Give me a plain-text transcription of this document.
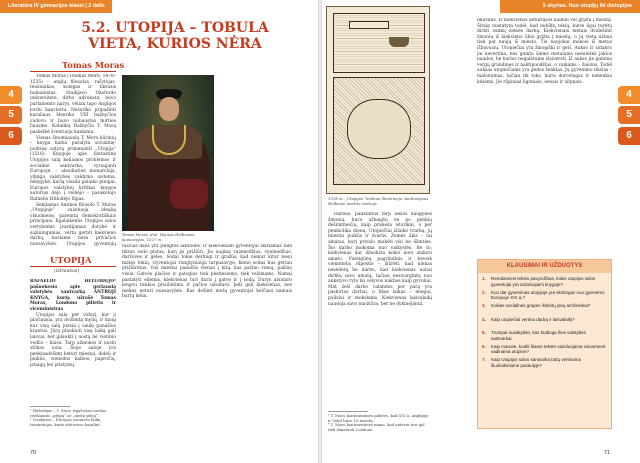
Literatūra IV gimnazijos klasei | 2 dalis
4
5
6
5.2. UTOPIJA – TOBULA VIETA, KURIOS NĖRA
Tomas Moras

Tomas Moras (Thomas More, 1478–1535) – anglų filosofas, rašytojas, teisininkas, kolegas ir tikrasis humanistas. Studijavo Oksfordo universitete, dirbo advokatu, buvo parlamento narys, vėliau tapo Anglijos lordu kancleriu. Nesutiko pripažinti karaliaus Henriko VIII bažnyčios vadovu ir buvo nubaustas mirties bausme. Katalikų Bažnyčia T. Morą paskelbė šventuoju kankiniu.

Vienas žinomiausių T. Moro kūrinių – knyga kalba paralyta socialinę-politinę satyrą primenanti „Utopija“ (1516). Knygoje apie fantastinę Utopijos salą keliamos problemos ir socialinė santvarka, vyraujanti Europoje, – absoliutinė monarchija, ydinga valstybės valdymo sistema, nelygybė, kurią visada palaiko pinigai. Europos valstybių kritikai knygos autorius dėjo į veikėjo – pasakotojo Rafaelio Hitlodėjo lūpas.

Sekdamas Antikos filosofo T. Moras „Utopijoje“ vaizduoja idealią visuomenę, paremtą demokratiškais principais. Ilgalaikėmis Utopijos salos vertybėmis įvardijamas dorybė ir sąžiningumas, verta gerbti kiekvieno darbą, kuriame nėra privačios nuosavybės. Utopijos gyventojų

Tomas Moras, dail. Hansas Holbeinas jaunesnysis, 1527 m.
UTOPIJA
(ištraukos)

RAFAELIO HITLODĖJO¹ pašnekesio apie geriausią valstybės santvarką ANTROJI KNYGA, kurią užrašė Tomas Moras, Londono pilietis ir viceministras

Utopijos sala per vidurį, kur ji plačiausia, yra dvišimtą mylių, ir daug kur visą salą juosia į saulę panašius krantus. Jūrą plaukioti visą laiką gali laisvai, bet įplaukti į uostą be vietinio vedlio – baisu. Tarp užmokos ir uosto stūkso uola. Šioje saloje yra penkiasdešimt keturi miestai, dideli ir puikūs, vienodos kalbos, papročių, įstaigų bei įstatymų.

¹ Hitlodėjas – T. Moro išgalvotas vardas, reiškiantis „plepų“ ar „niekų plepį“.
² Vicekaras – Europos senatvės laikų tarnautojas, kuris atstovavo karaliui.

tuščias dalis yra įrengtos aikštelės. Ir kiekvienam gyventojui skiriamas tam tikras sodo plotas, kurį jis prižiūri. Jie augina vaismedžius, vynmedžius, daržoves ir gėles. Sodai tokie derlingi ir gražūs, kad niekur kitur nesu matęs tokių. Gyventojai rungtyniauja tarpusavyje, kieno sodas bus geriau prižiūrėtas. Visi miestai panašūs vienas į kitą: kas pažino vieną, pažino visus. Gatvės plačios ir patogios tiek pėstiesiems, tiek vežimams. Namai pastatyti eilėmis, kiekvienas turi duris į gatvę ir į sodą. Durys atsidaro lengvu rankos prisilietimu ir pačios užsidaro. Įeiti gali kiekvienas, nes niekas neturi nuosavybės. Kas dešimt metų gyventojai keičiasi namais burtų keliu.

70
5 skyrius. Nuo utopijų iki distopijos
4
5
6
1518 m. „Utopijos“ leidimo iliustracija, Ambrosijaus Holbeino medžio raižinys

Darbus, padalintus tarp lokios daugybės žmonių, buvo užbaigtu ne po penkių dešimtmečių, kaip praneša istorikai, o per penkiolika dienų. Utopiečiai išlaiko tvarką, jų miestai puikūs ir švarūs. Žemės ūkis – tai amatas, kurį privalo mokėti visi be išimties. Šio darbo mokoma nuo vaikystės. Be to, kiekvienas dar išmoksta kokio nors atskiro amato. Pareigūnų pagrindinis ir beveik vienintelis rūpestis – žiūrėti, kad niekas nesėdėtų be darbo, kad kiekvienas uoliai dirbtų savo amatą, tačiau nesivargintų nuo ankstyvo ryto iki vėlyvos nakties kaip gyvuliai. Mat šeši darbo valandos per parą yra paskirtos darbui, o likęs laikas – miegui, poilsiui ir mokslams. Kiekvienas laisvalaikį naudoja savo nuožiūra, bet ne dykinėjimui.

³ T. Moro kontinentinės pilietės, kad XVI a. Anglijoje ir Valuf buvo 16 miestų.
⁴ T. Moro kontinentinės mano, kad anteriu turi gal tiek išmatuoti Londone.

fikavitas. Ir kiekvienos keturiųsos kaimei vėl grįžta į miestą. Šitaip nustatyta todėl, kad nebūtų tokių, kurie ilgai turėtų dirbti sunkų žemės darbą. Kiekvienais metais dvidešimt žmonių iš kiekvieno ūkio grįžta į miestą, o jų vietą užima tiek pat naujų iš miesto. Tie naujokai mokosi iš metus išbuvusių. Utopiečiai yra žmogiški ir geri. Aukso ir sidabro jie nevertina, nes gamta šiems metalams nesuteikė jokios naudos, be kurios negalėtume išsiversti. Iš aukso jie gamina vergų grandines ir naktipuodžius, o vaikams – žaislus. Todėl auksas utopiečiams yra gėdos ženklas. Jų gyvenimo tikslas – malonumas, tačiau tik toks, kuris dorovingas ir nekenkia kitiems. Jie rūpinasi ligoniais, senais ir silpnais.

KLAUSIMAI IR UŽDUOTYS
1. Remdamiesi teksto pavyzdžiais, kokie utopijos salos gyventojai yra vaizduojami knygoje?
2. Kuo dar gyvenimas utopijoje yra skirtingas nuo gyvenimo Europoje XVI a.?
3. Kokias socialines grupes išskirtų jūsų amžininkai?
4. Kaip utopiečiai vertina darbą ir laisvalaikį?
5. Trumpai nusakykite, kas būdinga šios valstybės santvarkai.
6. Kaip manote, kodėl šiame tekste vaizduojama visuomenė vadinama utopine?
7. Kaip Utopijos salos santvarka būtų vertinama šiuolaikiniame pasaulyje?
71
